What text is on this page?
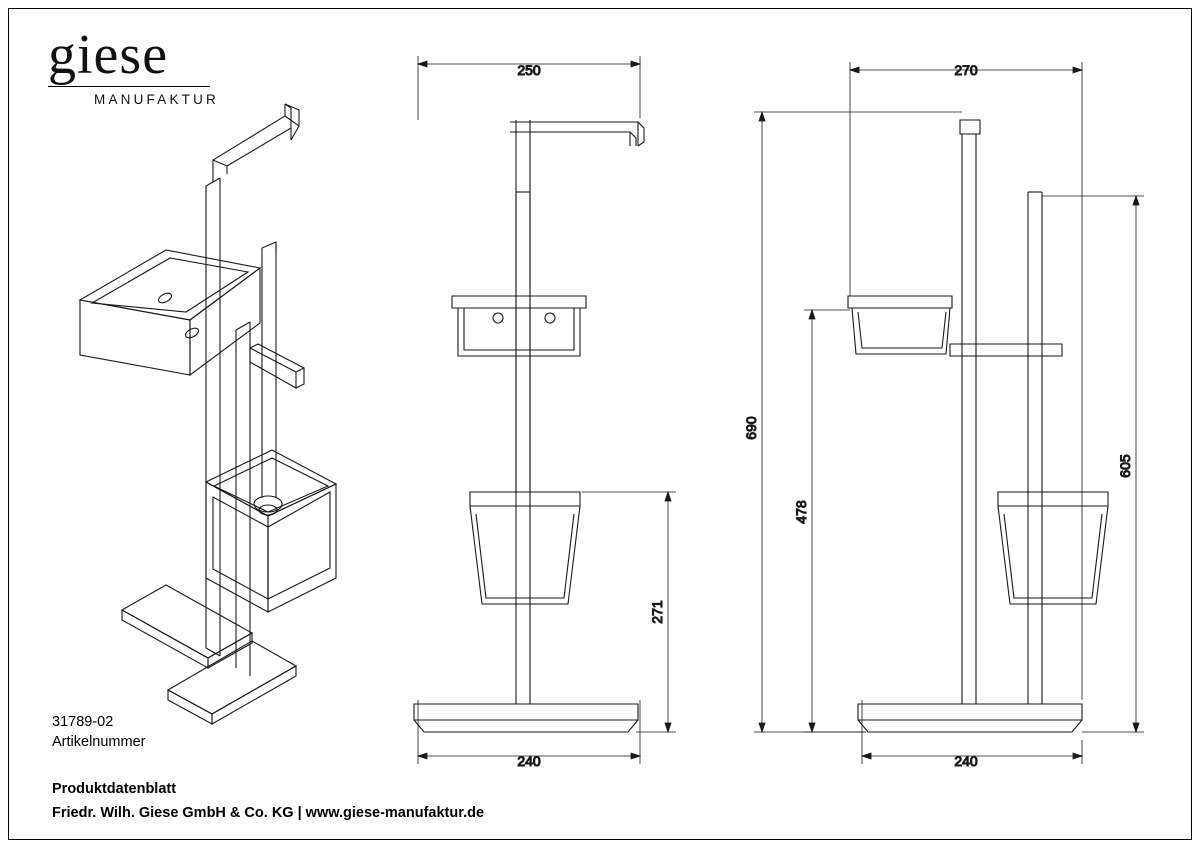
giese
MANUFAKTUR
250
240
271
270
240
690
478
605
31789-02
Artikelnummer
Produktdatenblatt
Friedr. Wilh. Giese GmbH & Co. KG | www.giese-manufaktur.de
